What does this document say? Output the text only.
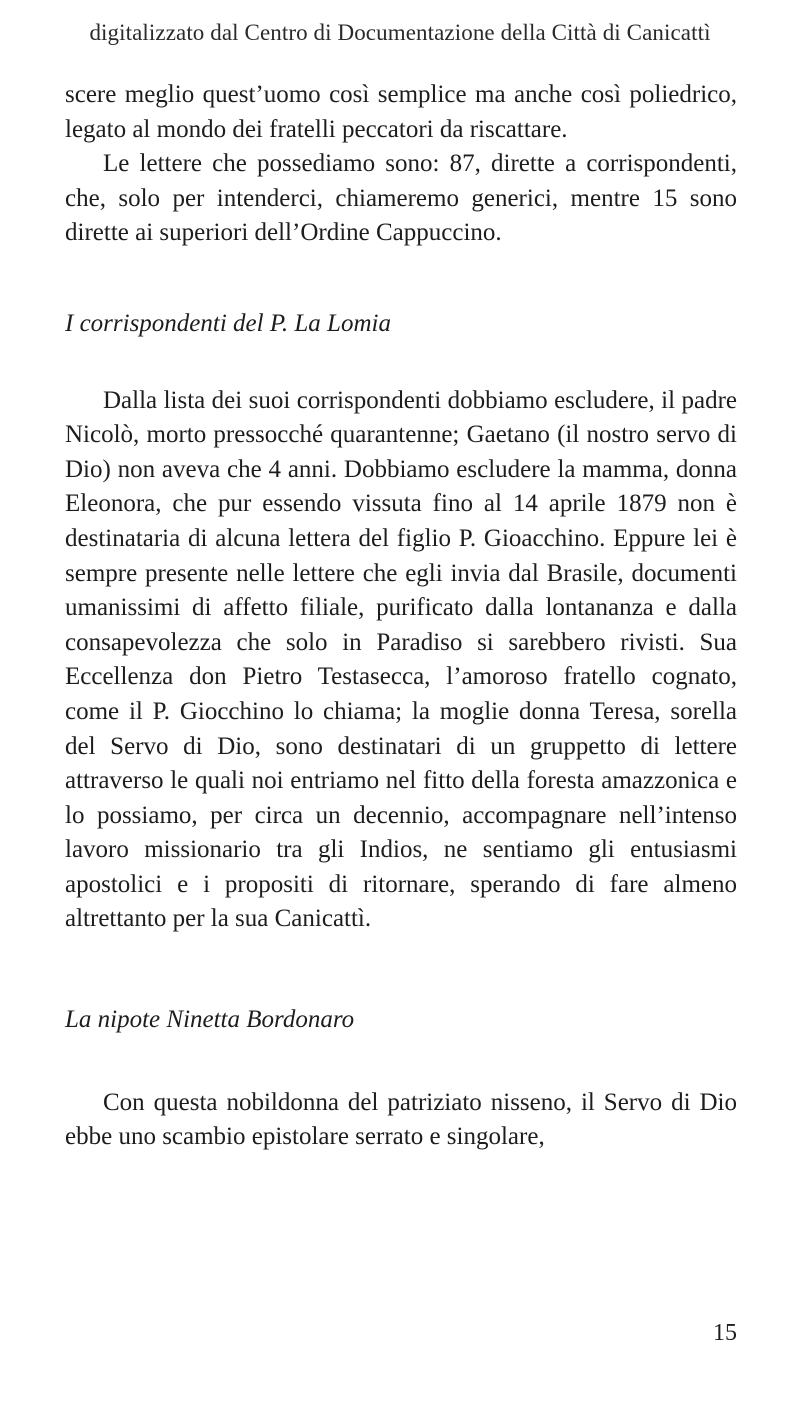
digitalizzato dal Centro di Documentazione della Città di Canicattì

scere meglio quest’uomo così semplice ma anche così poliedrico, legato al mondo dei fratelli peccatori da riscattare.

Le lettere che possediamo sono: 87, dirette a corrispondenti, che, solo per intenderci, chiameremo generici, mentre 15 sono dirette ai superiori dell’Ordine Cappuccino.

I corrispondenti del P. La Lomia

Dalla lista dei suoi corrispondenti dobbiamo escludere, il padre Nicolò, morto pressocché quarantenne; Gaetano (il nostro servo di Dio) non aveva che 4 anni. Dobbiamo escludere la mamma, donna Eleonora, che pur essendo vissuta fino al 14 aprile 1879 non è destinataria di alcuna lettera del figlio P. Gioacchino. Eppure lei è sempre presente nelle lettere che egli invia dal Brasile, documenti umanissimi di affetto filiale, purificato dalla lontananza e dalla consapevolezza che solo in Paradiso si sarebbero rivisti. Sua Eccellenza don Pietro Testasecca, l’amoroso fratello cognato, come il P. Giocchino lo chiama; la moglie donna Teresa, sorella del Servo di Dio, sono destinatari di un gruppetto di lettere attraverso le quali noi entriamo nel fitto della foresta amazzonica e lo possiamo, per circa un decennio, accompagnare nell’intenso lavoro missionario tra gli Indios, ne sentiamo gli entusiasmi apostolici e i propositi di ritornare, sperando di fare almeno altrettanto per la sua Canicattì.

La nipote Ninetta Bordonaro

Con questa nobildonna del patriziato nisseno, il Servo di Dio ebbe uno scambio epistolare serrato e singolare,

15
